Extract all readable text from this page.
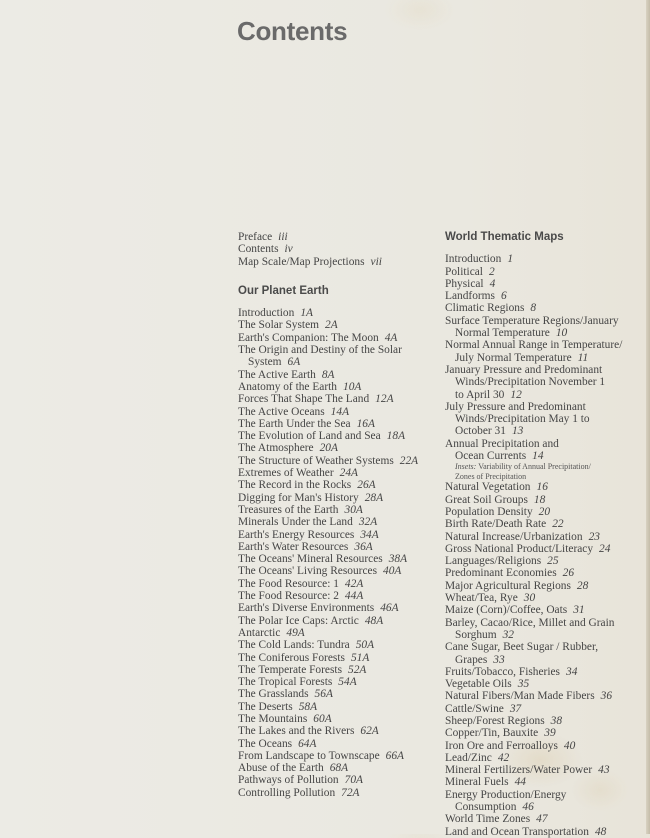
Contents
Preface iii
Contents iv
Map Scale/Map Projections vii
Our Planet Earth
Introduction 1A
The Solar System 2A
Earth's Companion: The Moon 4A
The Origin and Destiny of the Solar
System 6A
The Active Earth 8A
Anatomy of the Earth 10A
Forces That Shape The Land 12A
The Active Oceans 14A
The Earth Under the Sea 16A
The Evolution of Land and Sea 18A
The Atmosphere 20A
The Structure of Weather Systems 22A
Extremes of Weather 24A
The Record in the Rocks 26A
Digging for Man's History 28A
Treasures of the Earth 30A
Minerals Under the Land 32A
Earth's Energy Resources 34A
Earth's Water Resources 36A
The Oceans' Mineral Resources 38A
The Oceans' Living Resources 40A
The Food Resource: 1 42A
The Food Resource: 2 44A
Earth's Diverse Environments 46A
The Polar Ice Caps: Arctic 48A
Antarctic 49A
The Cold Lands: Tundra 50A
The Coniferous Forests 51A
The Temperate Forests 52A
The Tropical Forests 54A
The Grasslands 56A
The Deserts 58A
The Mountains 60A
The Lakes and the Rivers 62A
The Oceans 64A
From Landscape to Townscape 66A
Abuse of the Earth 68A
Pathways of Pollution 70A
Controlling Pollution 72A
World Thematic Maps
Introduction 1
Political 2
Physical 4
Landforms 6
Climatic Regions 8
Surface Temperature Regions/January
Normal Temperature 10
Normal Annual Range in Temperature/
July Normal Temperature 11
January Pressure and Predominant
Winds/Precipitation November 1
to April 30 12
July Pressure and Predominant
Winds/Precipitation May 1 to
October 31 13
Annual Precipitation and
Ocean Currents 14
Insets: Variability of Annual Precipitation/
Zones of Precipitation
Natural Vegetation 16
Great Soil Groups 18
Population Density 20
Birth Rate/Death Rate 22
Natural Increase/Urbanization 23
Gross National Product/Literacy 24
Languages/Religions 25
Predominant Economies 26
Major Agricultural Regions 28
Wheat/Tea, Rye 30
Maize (Corn)/Coffee, Oats 31
Barley, Cacao/Rice, Millet and Grain
Sorghum 32
Cane Sugar, Beet Sugar / Rubber,
Grapes 33
Fruits/Tobacco, Fisheries 34
Vegetable Oils 35
Natural Fibers/Man Made Fibers 36
Cattle/Swine 37
Sheep/Forest Regions 38
Copper/Tin, Bauxite 39
Iron Ore and Ferroalloys 40
Lead/Zinc 42
Mineral Fertilizers/Water Power 43
Mineral Fuels 44
Energy Production/Energy
Consumption 46
World Time Zones 47
Land and Ocean Transportation 48
